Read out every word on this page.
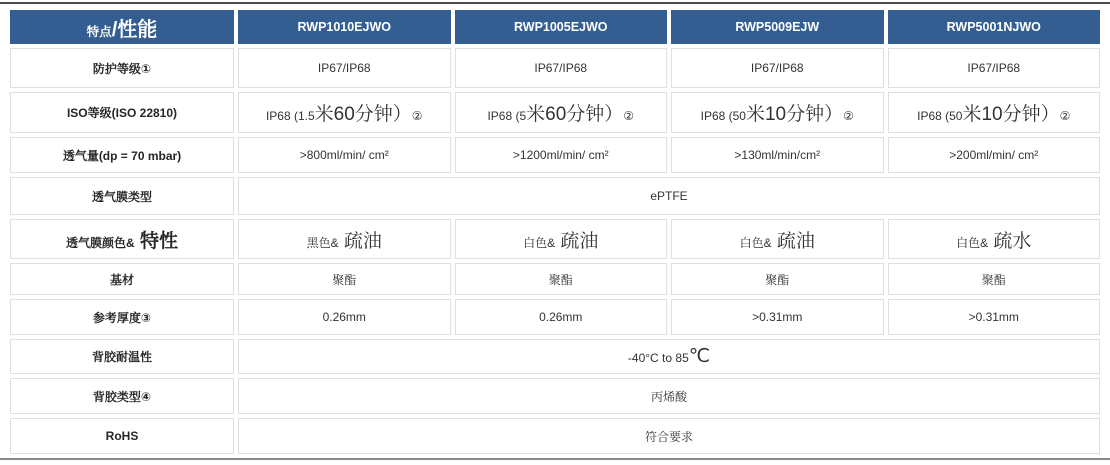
特点/性能	RWP1010EJWO	RWP1005EJWO	RWP5009EJW	RWP5001NJWO
防护等级①	IP67/IP68	IP67/IP68	IP67/IP68	IP67/IP68
ISO等级(ISO 22810)	IP68 (1.5米60分钟）②	IP68 (5米60分钟）②	IP68 (50米10分钟）②	IP68 (50米10分钟）②
透气量(dp = 70 mbar)	>800ml/min/ cm²	>1200ml/min/ cm²	>130ml/min/cm²	>200ml/min/ cm²
透气膜类型	ePTFE			
透气膜颜色& 特性	黑色& 疏油	白色& 疏油	白色& 疏油	白色& 疏水
基材	聚酯	聚酯	聚酯	聚酯
参考厚度③	0.26mm	0.26mm	>0.31mm	>0.31mm
背胶耐温性	-40°C to 85℃			
背胶类型④	丙烯酸			
RoHS	符合要求			
